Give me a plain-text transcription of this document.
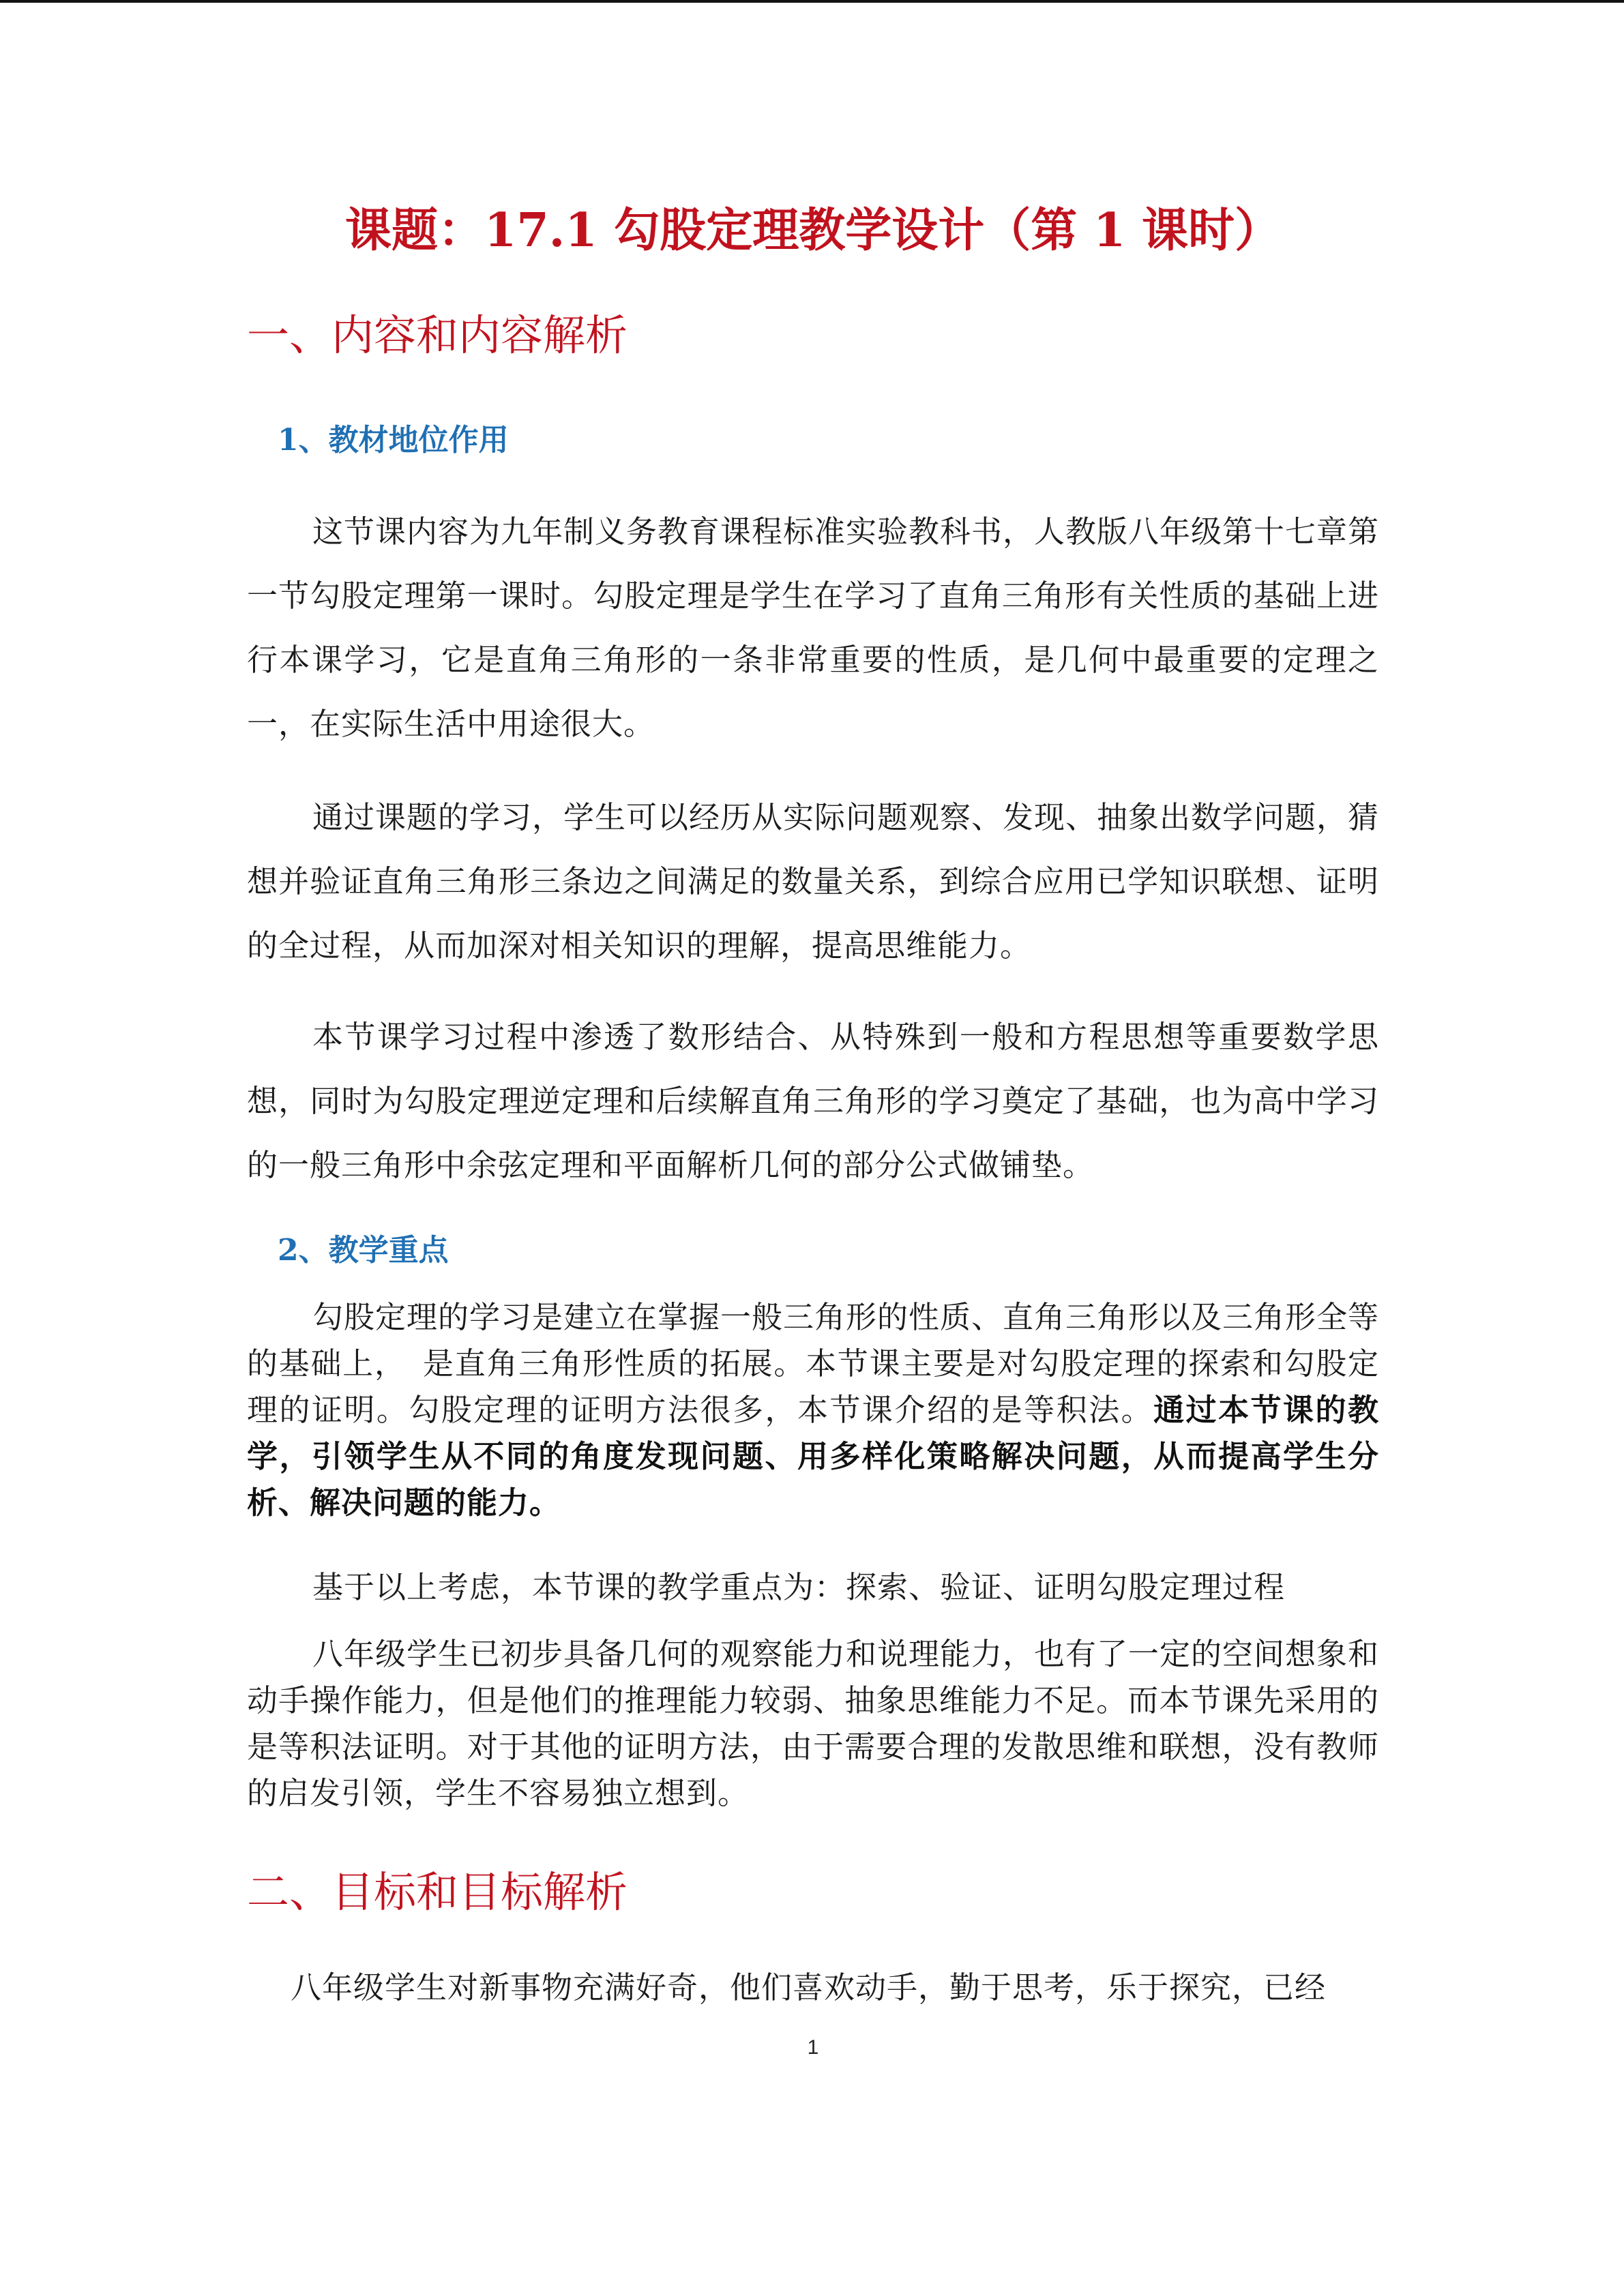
课题：17.1 勾股定理教学设计（第 1 课时）
一、内容和内容解析
1、教材地位作用

这节课内容为九年制义务教育课程标准实验教科书，人教版八年级第十七章第一节勾股定理第一课时。勾股定理是学生在学习了直角三角形有关性质的基础上进行本课学习，它是直角三角形的一条非常重要的性质，是几何中最重要的定理之一，在实际生活中用途很大。

通过课题的学习，学生可以经历从实际问题观察、发现、抽象出数学问题，猜想并验证直角三角形三条边之间满足的数量关系，到综合应用已学知识联想、证明的全过程，从而加深对相关知识的理解，提高思维能力。

本节课学习过程中渗透了数形结合、从特殊到一般和方程思想等重要数学思想，同时为勾股定理逆定理和后续解直角三角形的学习奠定了基础，也为高中学习的一般三角形中余弦定理和平面解析几何的部分公式做铺垫。

2、教学重点

勾股定理的学习是建立在掌握一般三角形的性质、直角三角形以及三角形全等的基础上，　是直角三角形性质的拓展。本节课主要是对勾股定理的探索和勾股定理的证明。勾股定理的证明方法很多，本节课介绍的是等积法。通过本节课的教学，引领学生从不同的角度发现问题、用多样化策略解决问题，从而提高学生分析、解决问题的能力。

基于以上考虑，本节课的教学重点为：探索、验证、证明勾股定理过程

八年级学生已初步具备几何的观察能力和说理能力，也有了一定的空间想象和动手操作能力，但是他们的推理能力较弱、抽象思维能力不足。而本节课先采用的是等积法证明。对于其他的证明方法，由于需要合理的发散思维和联想，没有教师的启发引领，学生不容易独立想到。

二、目标和目标解析

八年级学生对新事物充满好奇，他们喜欢动手，勤于思考，乐于探究，已经

1
